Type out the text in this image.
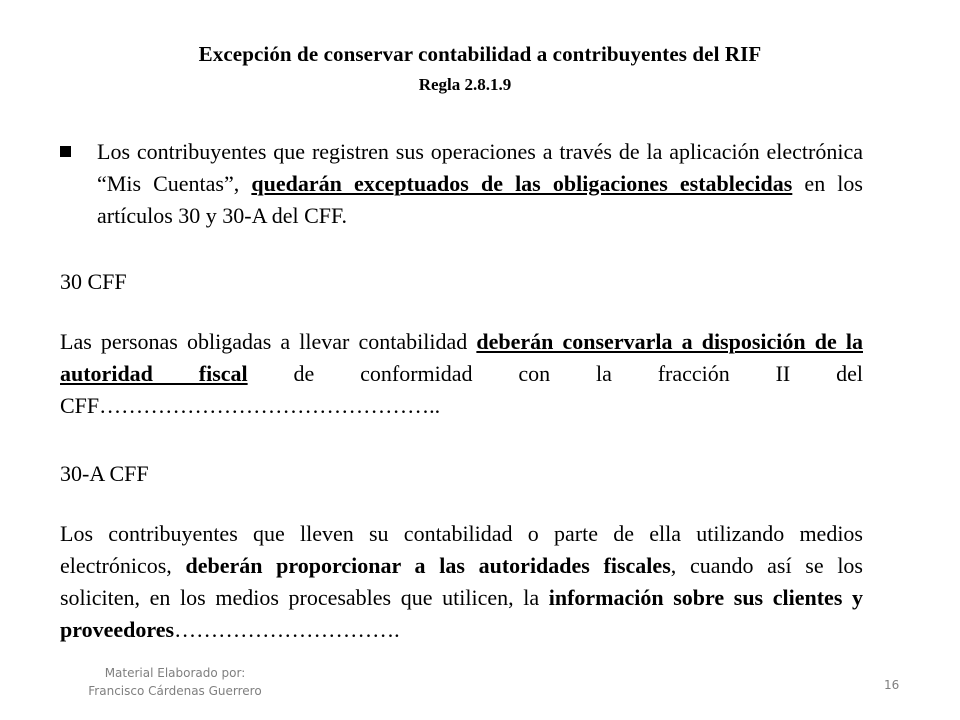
Excepción de conservar contabilidad a contribuyentes del RIF
Regla 2.8.1.9
Los contribuyentes que registren sus operaciones a través de la aplicación electrónica “Mis Cuentas”, quedarán exceptuados de las obligaciones establecidas en los artículos 30 y 30-A del CFF.
30 CFF
Las personas obligadas a llevar contabilidad deberán conservarla a disposición de la autoridad fiscal de conformidad con la fracción II del CFF………………………………………..
30-A CFF
Los contribuyentes que lleven su contabilidad o parte de ella utilizando medios electrónicos, deberán proporcionar a las autoridades fiscales, cuando así se los soliciten, en los medios procesables que utilicen, la información sobre sus clientes y proveedores………………………….
Material Elaborado por:
Francisco Cárdenas Guerrero	16
